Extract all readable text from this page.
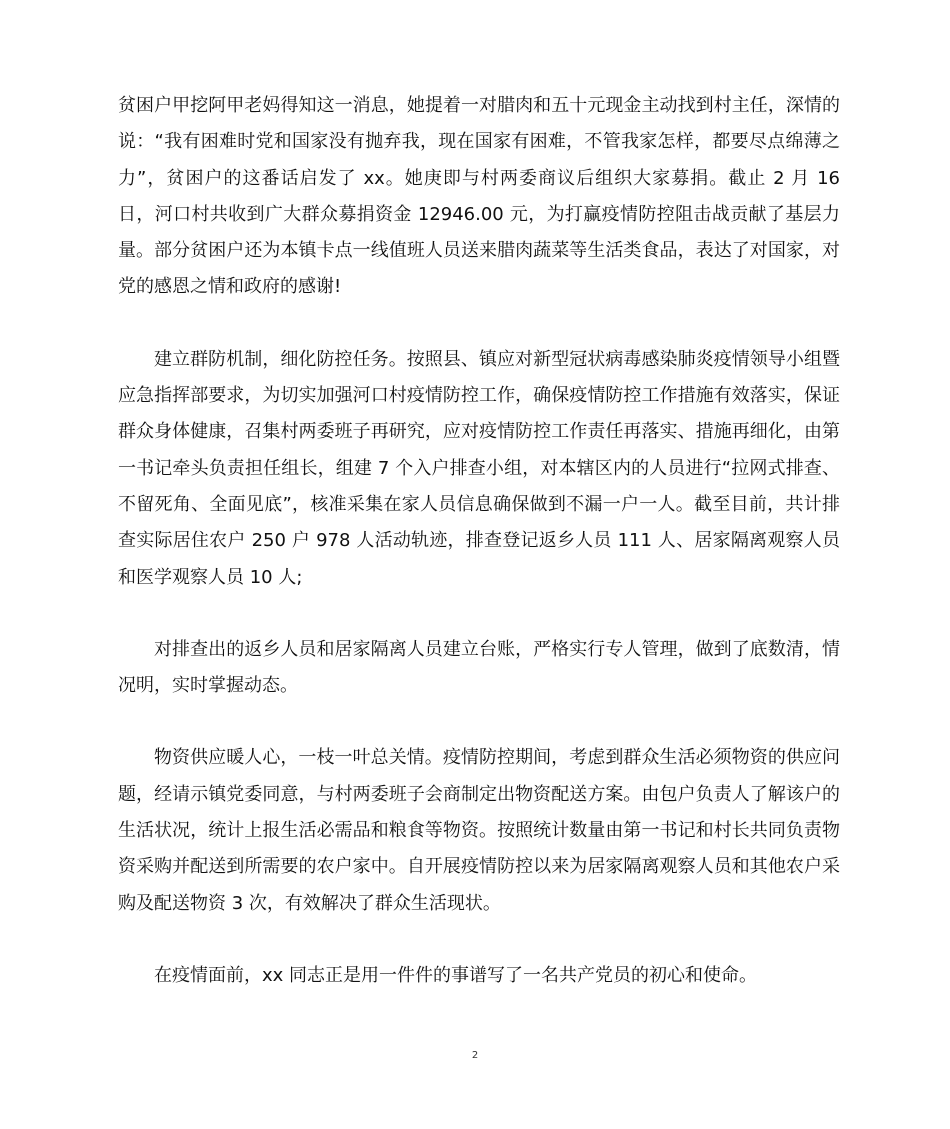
贫困户甲挖阿甲老妈得知这一消息，她提着一对腊肉和五十元现金主动找到村主任，深情的说：“我有困难时党和国家没有抛弃我，现在国家有困难，不管我家怎样，都要尽点绵薄之力”，贫困户的这番话启发了 xx。她庚即与村两委商议后组织大家募捐。截止 2 月 16 日，河口村共收到广大群众募捐资金 12946.00 元，为打赢疫情防控阻击战贡献了基层力量。部分贫困户还为本镇卡点一线值班人员送来腊肉蔬菜等生活类食品，表达了对国家，对党的感恩之情和政府的感谢!

建立群防机制，细化防控任务。按照县、镇应对新型冠状病毒感染肺炎疫情领导小组暨应急指挥部要求，为切实加强河口村疫情防控工作，确保疫情防控工作措施有效落实，保证群众身体健康，召集村两委班子再研究，应对疫情防控工作责任再落实、措施再细化，由第一书记牵头负责担任组长，组建 7 个入户排查小组，对本辖区内的人员进行“拉网式排查、不留死角、全面见底”，核准采集在家人员信息确保做到不漏一户一人。截至目前，共计排查实际居住农户 250 户 978 人活动轨迹，排查登记返乡人员 111 人、居家隔离观察人员和医学观察人员 10 人;

对排查出的返乡人员和居家隔离人员建立台账，严格实行专人管理，做到了底数清，情况明，实时掌握动态。

物资供应暖人心，一枝一叶总关情。疫情防控期间，考虑到群众生活必须物资的供应问题，经请示镇党委同意，与村两委班子会商制定出物资配送方案。由包户负责人了解该户的生活状况，统计上报生活必需品和粮食等物资。按照统计数量由第一书记和村长共同负责物资采购并配送到所需要的农户家中。自开展疫情防控以来为居家隔离观察人员和其他农户采购及配送物资 3 次，有效解决了群众生活现状。

在疫情面前，xx 同志正是用一件件的事谱写了一名共产党员的初心和使命。

2
